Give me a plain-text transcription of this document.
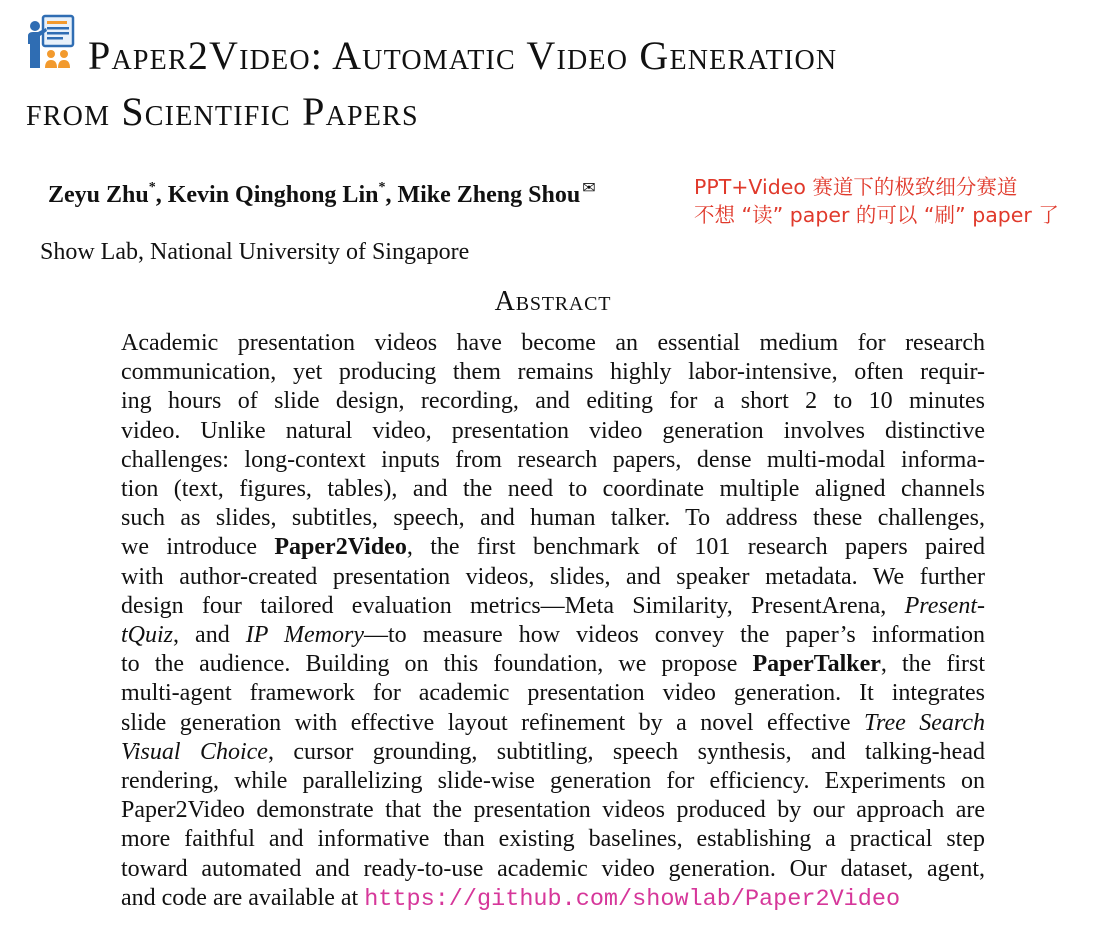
Paper2Video: Automatic Video Generation
from Scientific Papers
Zeyu Zhu*, Kevin Qinghong Lin*, Mike Zheng Shou ✉
Show Lab, National University of Singapore
PPT+Video 赛道下的极致细分赛道
不想 “读” paper 的可以 “刷” paper 了
Abstract
Academic presentation videos have become an essential medium for research
communication, yet producing them remains highly labor-intensive, often requir-
ing hours of slide design, recording, and editing for a short 2 to 10 minutes
video. Unlike natural video, presentation video generation involves distinctive
challenges: long-context inputs from research papers, dense multi-modal informa-
tion (text, figures, tables), and the need to coordinate multiple aligned channels
such as slides, subtitles, speech, and human talker. To address these challenges,
we introduce Paper2Video, the first benchmark of 101 research papers paired
with author-created presentation videos, slides, and speaker metadata. We further
design four tailored evaluation metrics—Meta Similarity, PresentArena, Present-
tQuiz, and IP Memory—to measure how videos convey the paper’s information
to the audience. Building on this foundation, we propose PaperTalker, the first
multi-agent framework for academic presentation video generation. It integrates
slide generation with effective layout refinement by a novel effective Tree Search
Visual Choice, cursor grounding, subtitling, speech synthesis, and talking-head
rendering, while parallelizing slide-wise generation for efficiency. Experiments on
Paper2Video demonstrate that the presentation videos produced by our approach are
more faithful and informative than existing baselines, establishing a practical step
toward automated and ready-to-use academic video generation. Our dataset, agent,
and code are available at https://github.com/showlab/Paper2Video
